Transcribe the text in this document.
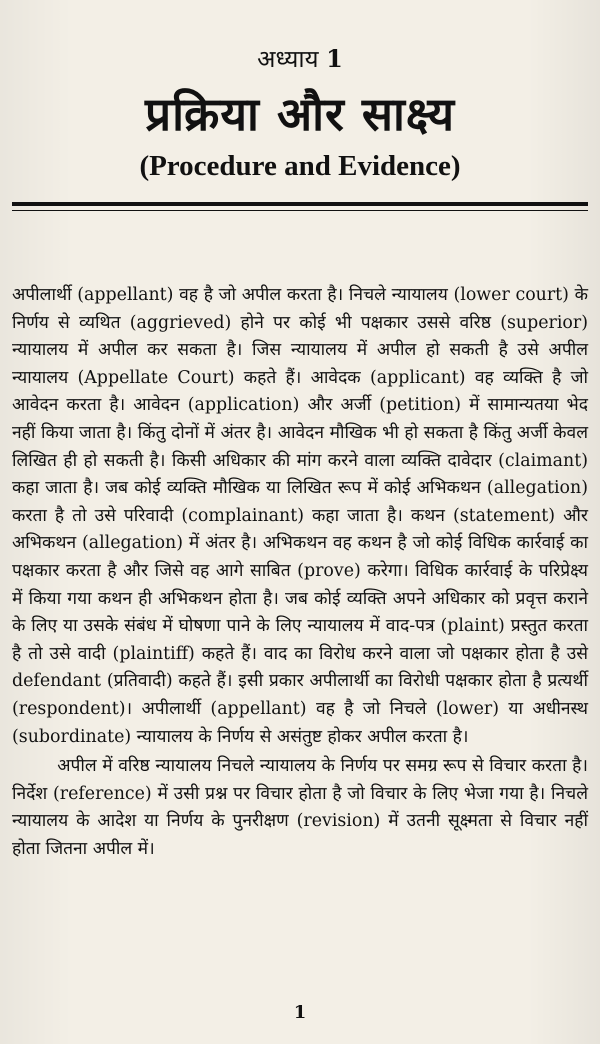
अध्याय 1
प्रक्रिया और साक्ष्य
(Procedure and Evidence)

अपीलार्थी (appellant) वह है जो अपील करता है। निचले न्यायालय (lower court) के निर्णय से व्यथित (aggrieved) होने पर कोई भी पक्षकार उससे वरिष्ठ (superior) न्यायालय में अपील कर सकता है। जिस न्यायालय में अपील हो सकती है उसे अपील न्यायालय (Appellate Court) कहते हैं। आवेदक (applicant) वह व्यक्ति है जो आवेदन करता है। आवेदन (application) और अर्जी (petition) में सामान्यतया भेद नहीं किया जाता है। किंतु दोनों में अंतर है। आवेदन मौखिक भी हो सकता है किंतु अर्जी केवल लिखित ही हो सकती है। किसी अधिकार की मांग करने वाला व्यक्ति दावेदार (claimant) कहा जाता है। जब कोई व्यक्ति मौखिक या लिखित रूप में कोई अभिकथन (allegation) करता है तो उसे परिवादी (complainant) कहा जाता है। कथन (statement) और अभिकथन (allegation) में अंतर है। अभिकथन वह कथन है जो कोई विधिक कार्रवाई का पक्षकार करता है और जिसे वह आगे साबित (prove) करेगा। विधिक कार्रवाई के परिप्रेक्ष्य में किया गया कथन ही अभिकथन होता है। जब कोई व्यक्ति अपने अधिकार को प्रवृत्त कराने के लिए या उसके संबंध में घोषणा पाने के लिए न्यायालय में वाद-पत्र (plaint) प्रस्तुत करता है तो उसे वादी (plaintiff) कहते हैं। वाद का विरोध करने वाला जो पक्षकार होता है उसे defendant (प्रतिवादी) कहते हैं। इसी प्रकार अपीलार्थी का विरोधी पक्षकार होता है प्रत्यर्थी (respondent)। अपीलार्थी (appellant) वह है जो निचले (lower) या अधीनस्थ (subordinate) न्यायालय के निर्णय से असंतुष्ट होकर अपील करता है।

अपील में वरिष्ठ न्यायालय निचले न्यायालय के निर्णय पर समग्र रूप से विचार करता है। निर्देश (reference) में उसी प्रश्न पर विचार होता है जो विचार के लिए भेजा गया है। निचले न्यायालय के आदेश या निर्णय के पुनरीक्षण (revision) में उतनी सूक्ष्मता से विचार नहीं होता जितना अपील में।

1
